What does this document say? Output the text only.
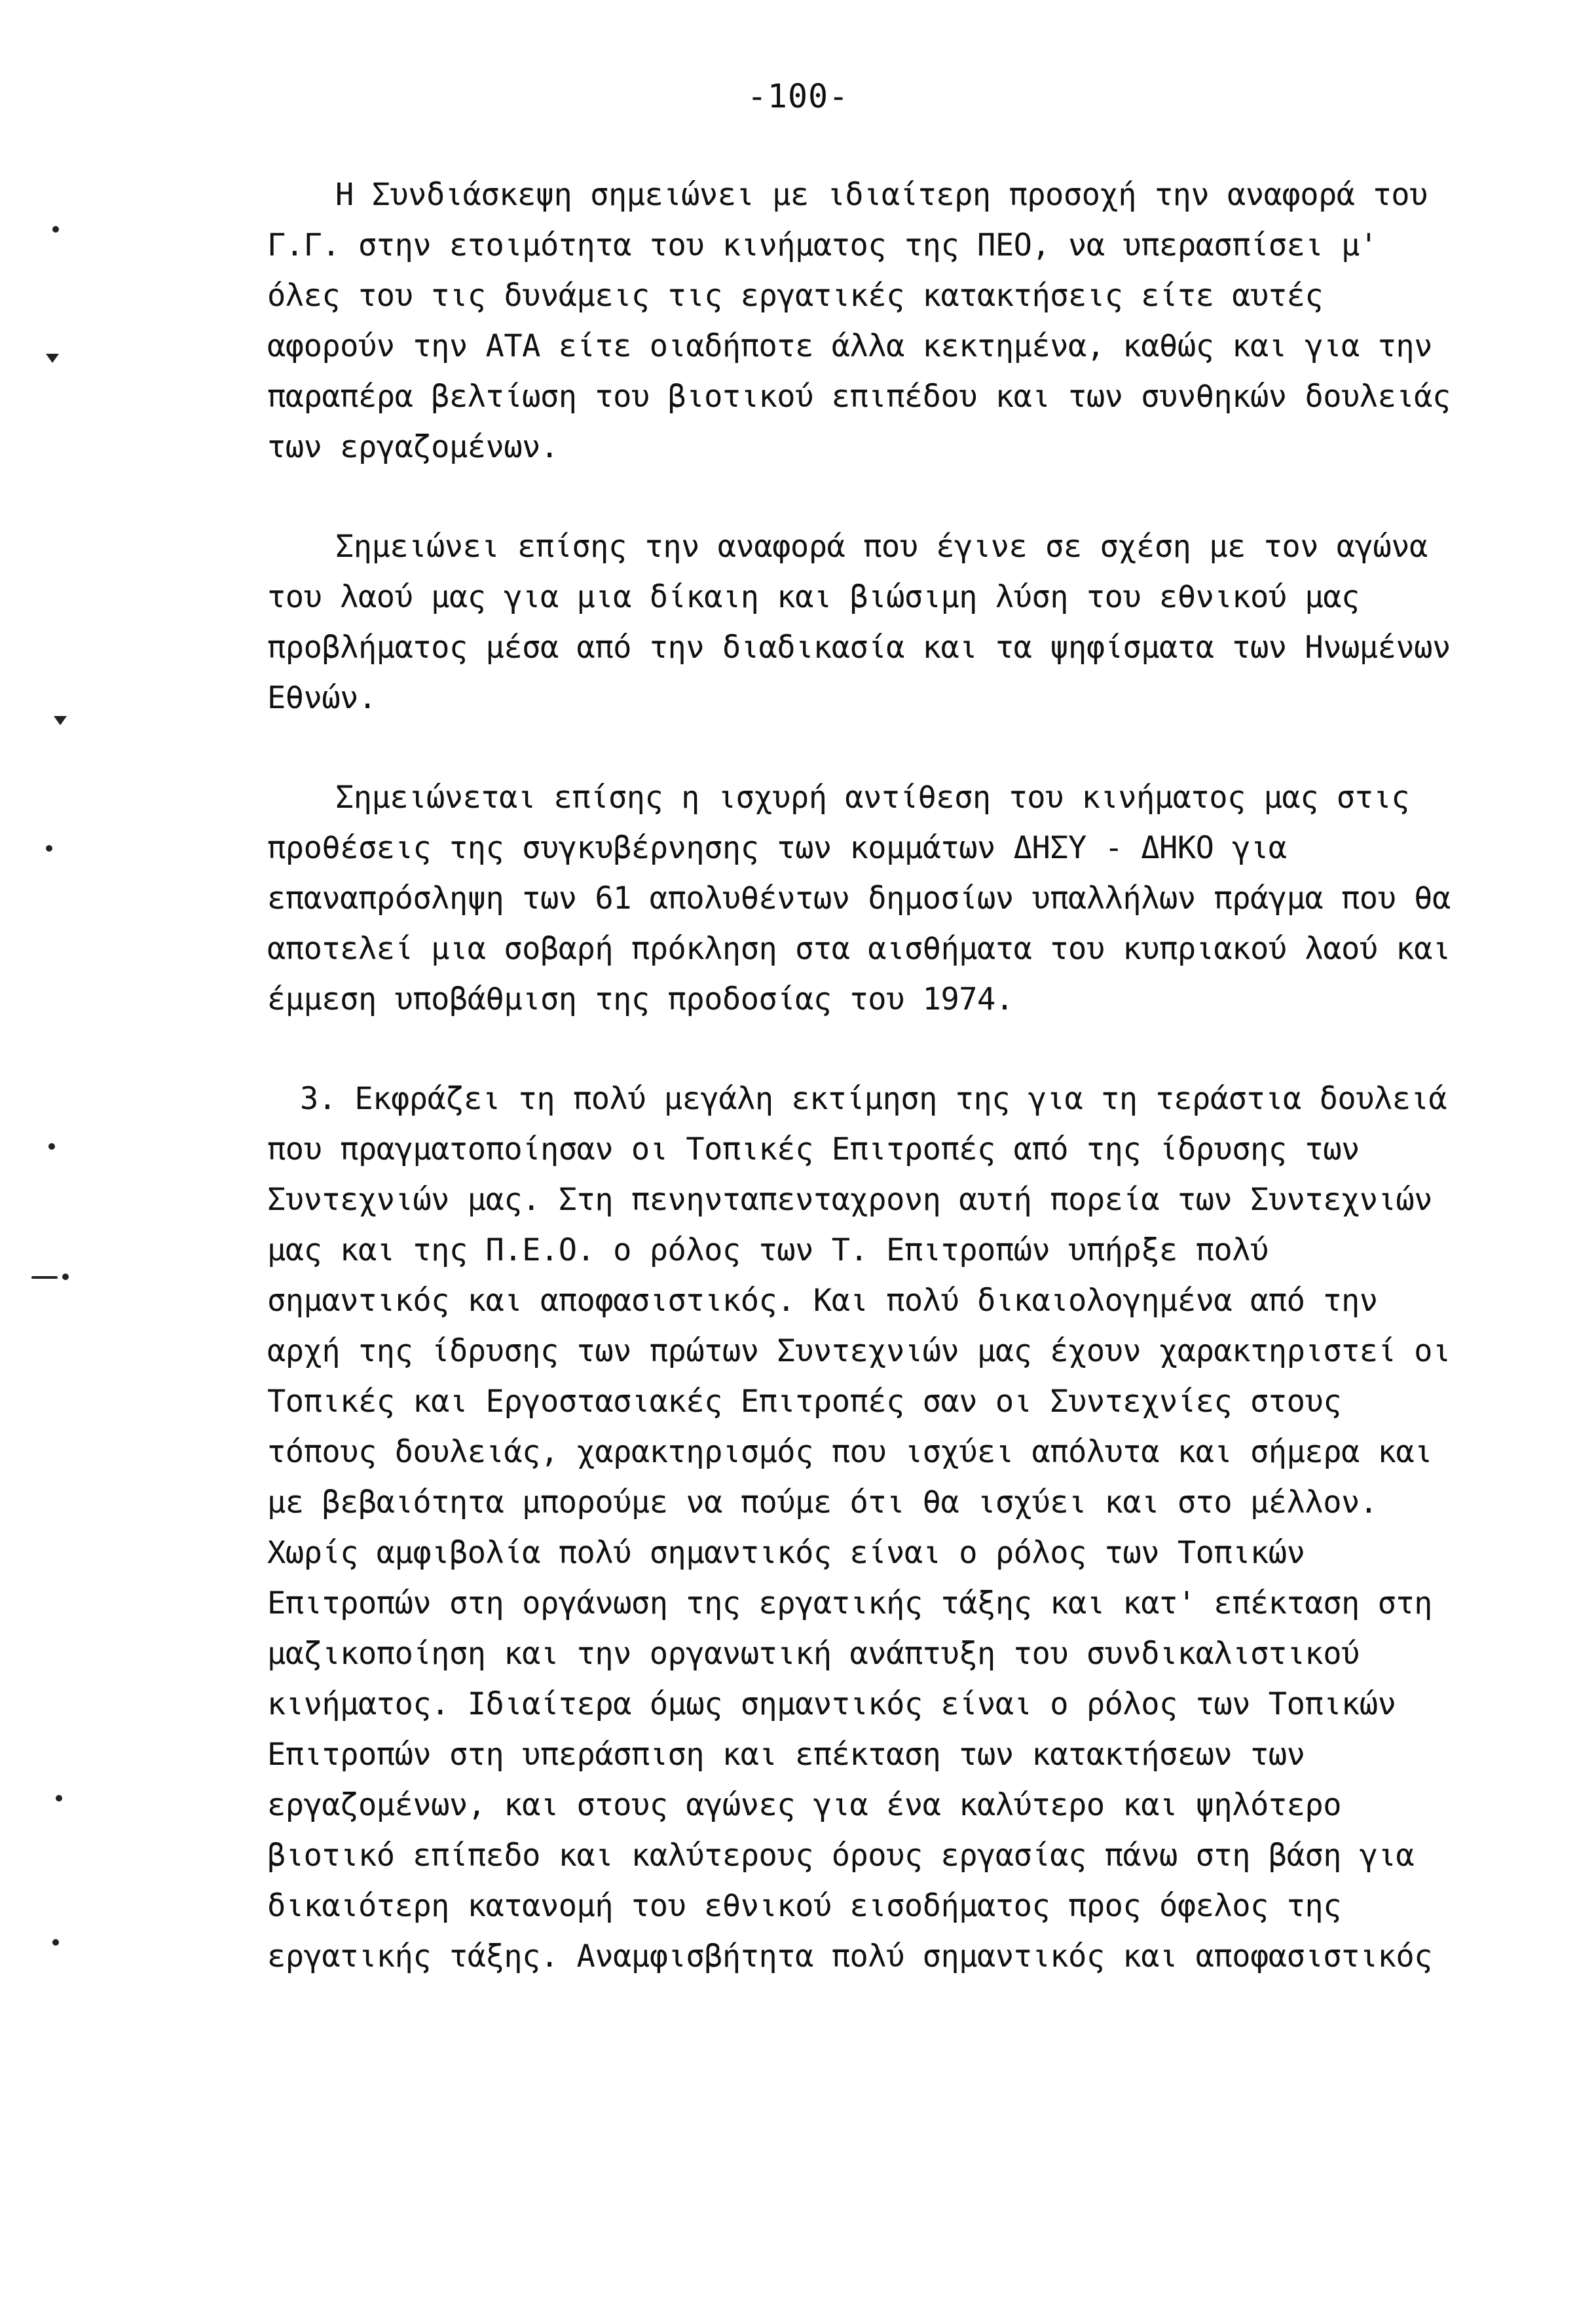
-100-
Η Συνδιάσκεψη σημειώνει με ιδιαίτερη προσοχή την αναφορά του
Γ.Γ. στην ετοιμότητα του κινήματος της ΠΕΟ, να υπερασπίσει μ'
όλες του τις δυνάμεις τις εργατικές κατακτήσεις είτε αυτές
αφορούν την ΑΤΑ είτε οιαδήποτε άλλα κεκτημένα, καθώς και για την
παραπέρα βελτίωση του βιοτικού επιπέδου και των συνθηκών δουλειάς
των εργαζομένων.
Σημειώνει επίσης την αναφορά που έγινε σε σχέση με τον αγώνα
του λαού μας για μια δίκαιη και βιώσιμη λύση του εθνικού μας
προβλήματος μέσα από την διαδικασία και τα ψηφίσματα των Ηνωμένων
Εθνών.
Σημειώνεται επίσης η ισχυρή αντίθεση του κινήματος μας στις
προθέσεις της συγκυβέρνησης των κομμάτων ΔΗΣΥ - ΔΗΚΟ για
επαναπρόσληψη των 61 απολυθέντων δημοσίων υπαλλήλων πράγμα που θα
αποτελεί μια σοβαρή πρόκληση στα αισθήματα του κυπριακού λαού και
έμμεση υποβάθμιση της προδοσίας του 1974.
3. Εκφράζει τη πολύ μεγάλη εκτίμηση της για τη τεράστια δουλειά
που πραγματοποίησαν οι Τοπικές Επιτροπές από της ίδρυσης των
Συντεχνιών μας. Στη πενηνταπενταχρονη αυτή πορεία των Συντεχνιών
μας και της Π.Ε.Ο. ο ρόλος των Τ. Επιτροπών υπήρξε πολύ
σημαντικός και αποφασιστικός. Και πολύ δικαιολογημένα από την
αρχή της ίδρυσης των πρώτων Συντεχνιών μας έχουν χαρακτηριστεί οι
Τοπικές και Εργοστασιακές Επιτροπές σαν οι Συντεχνίες στους
τόπους δουλειάς, χαρακτηρισμός που ισχύει απόλυτα και σήμερα και
με βεβαιότητα μπορούμε να πούμε ότι θα ισχύει και στο μέλλον.
Χωρίς αμφιβολία πολύ σημαντικός είναι ο ρόλος των Τοπικών
Επιτροπών στη οργάνωση της εργατικής τάξης και κατ' επέκταση στη
μαζικοποίηση και την οργανωτική ανάπτυξη του συνδικαλιστικού
κινήματος. Ιδιαίτερα όμως σημαντικός είναι ο ρόλος των Τοπικών
Επιτροπών στη υπεράσπιση και επέκταση των κατακτήσεων των
εργαζομένων, και στους αγώνες για ένα καλύτερο και ψηλότερο
βιοτικό επίπεδο και καλύτερους όρους εργασίας πάνω στη βάση για
δικαιότερη κατανομή του εθνικού εισοδήματος προς όφελος της
εργατικής τάξης. Αναμφισβήτητα πολύ σημαντικός και αποφασιστικός
